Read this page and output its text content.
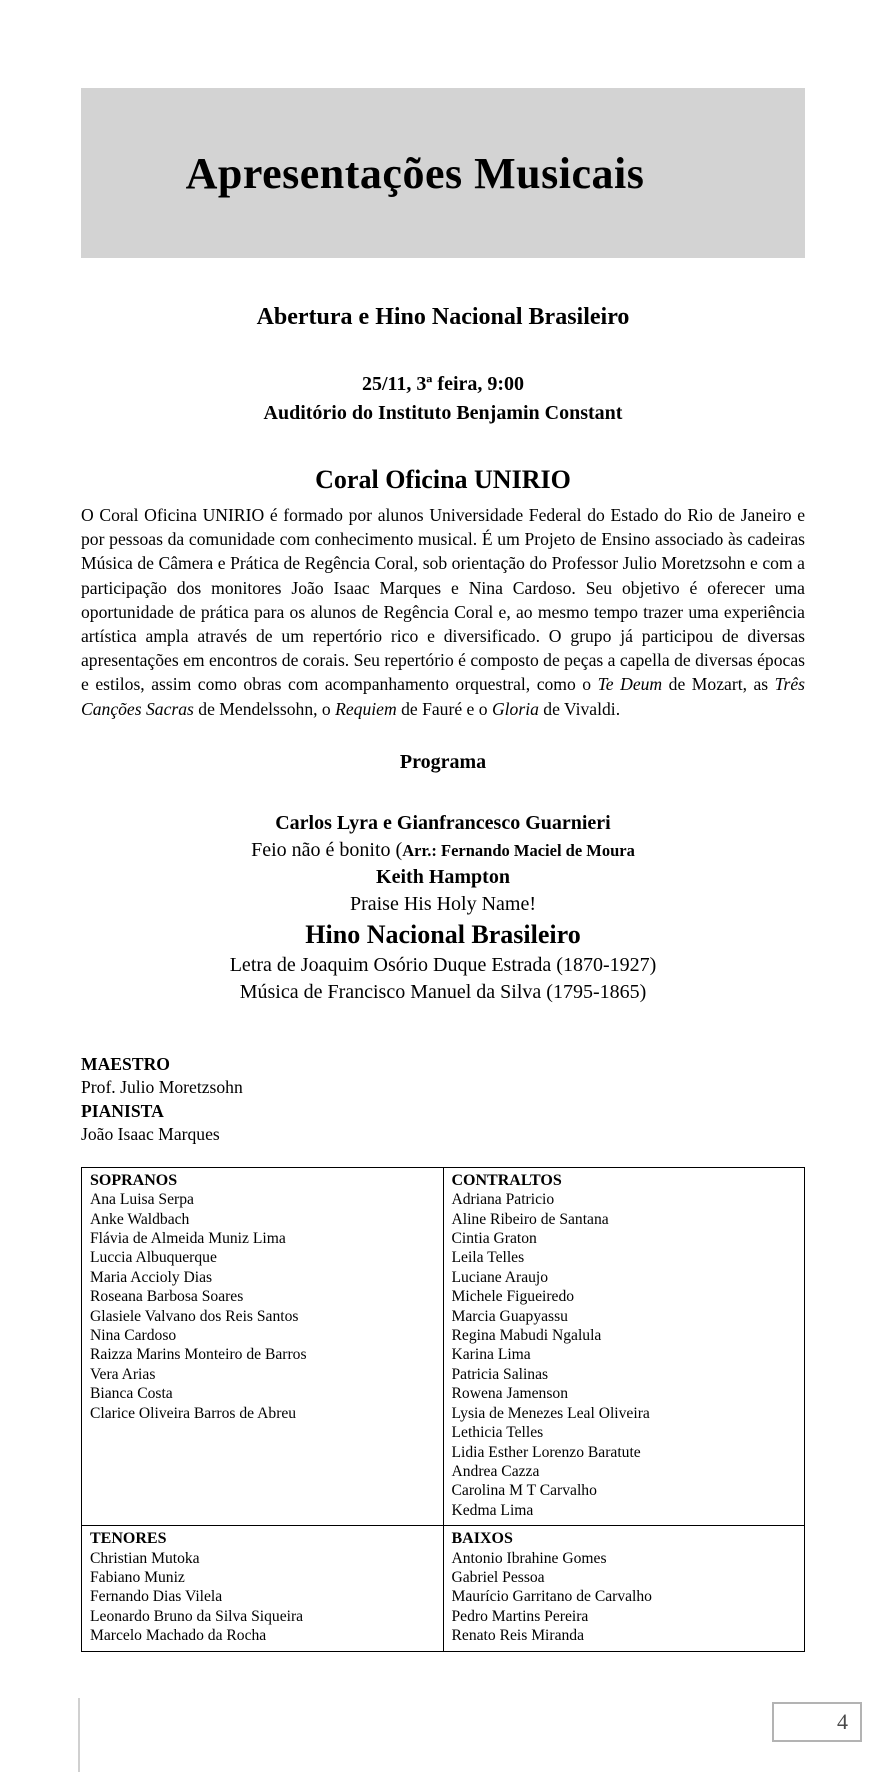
Apresentações Musicais
Abertura e Hino Nacional Brasileiro
25/11, 3ª feira, 9:00
Auditório do Instituto Benjamin Constant
Coral Oficina UNIRIO

O Coral Oficina UNIRIO é formado por alunos Universidade Federal do Estado do Rio de Janeiro e por pessoas da comunidade com conhecimento musical. É um Projeto de Ensino associado às cadeiras Música de Câmera e Prática de Regência Coral, sob orientação do Professor Julio Moretzsohn e com a participação dos monitores João Isaac Marques e Nina Cardoso. Seu objetivo é oferecer uma oportunidade de prática para os alunos de Regência Coral e, ao mesmo tempo trazer uma experiência artística ampla através de um repertório rico e diversificado. O grupo já participou de diversas apresentações em encontros de corais. Seu repertório é composto de peças a capella de diversas épocas e estilos, assim como obras com acompanhamento orquestral, como o Te Deum de Mozart, as Três Canções Sacras de Mendelssohn, o Requiem de Fauré e o Gloria de Vivaldi.

Programa
Carlos Lyra e Gianfrancesco Guarnieri
Feio não é bonito (Arr.: Fernando Maciel de Moura
Keith Hampton
Praise His Holy Name!
Hino Nacional Brasileiro
Letra de Joaquim Osório Duque Estrada (1870-1927)
Música de Francisco Manuel da Silva (1795-1865)
MAESTRO
Prof. Julio Moretzsohn
PIANISTA
João Isaac Marques
SOPRANOS
Ana Luisa Serpa
Anke Waldbach
Flávia de Almeida Muniz Lima
Luccia Albuquerque
Maria Accioly Dias
Roseana Barbosa Soares
Glasiele Valvano dos Reis Santos
Nina Cardoso
Raizza Marins Monteiro de Barros
Vera Arias
Bianca Costa
Clarice Oliveira Barros de Abreu

CONTRALTOS
Adriana Patricio
Aline Ribeiro de Santana
Cintia Graton
Leila Telles
Luciane Araujo
Michele Figueiredo
Marcia Guapyassu
Regina Mabudi Ngalula
Karina Lima
Patricia Salinas
Rowena Jamenson
Lysia de Menezes Leal Oliveira
Lethicia Telles
Lidia Esther Lorenzo Baratute
Andrea Cazza
Carolina M T Carvalho
Kedma Lima

TENORES
Christian Mutoka
Fabiano Muniz
Fernando Dias Vilela
Leonardo Bruno da Silva Siqueira
Marcelo Machado da Rocha

BAIXOS
Antonio Ibrahine Gomes
Gabriel Pessoa
Maurício Garritano de Carvalho
Pedro Martins Pereira
Renato Reis Miranda
4
